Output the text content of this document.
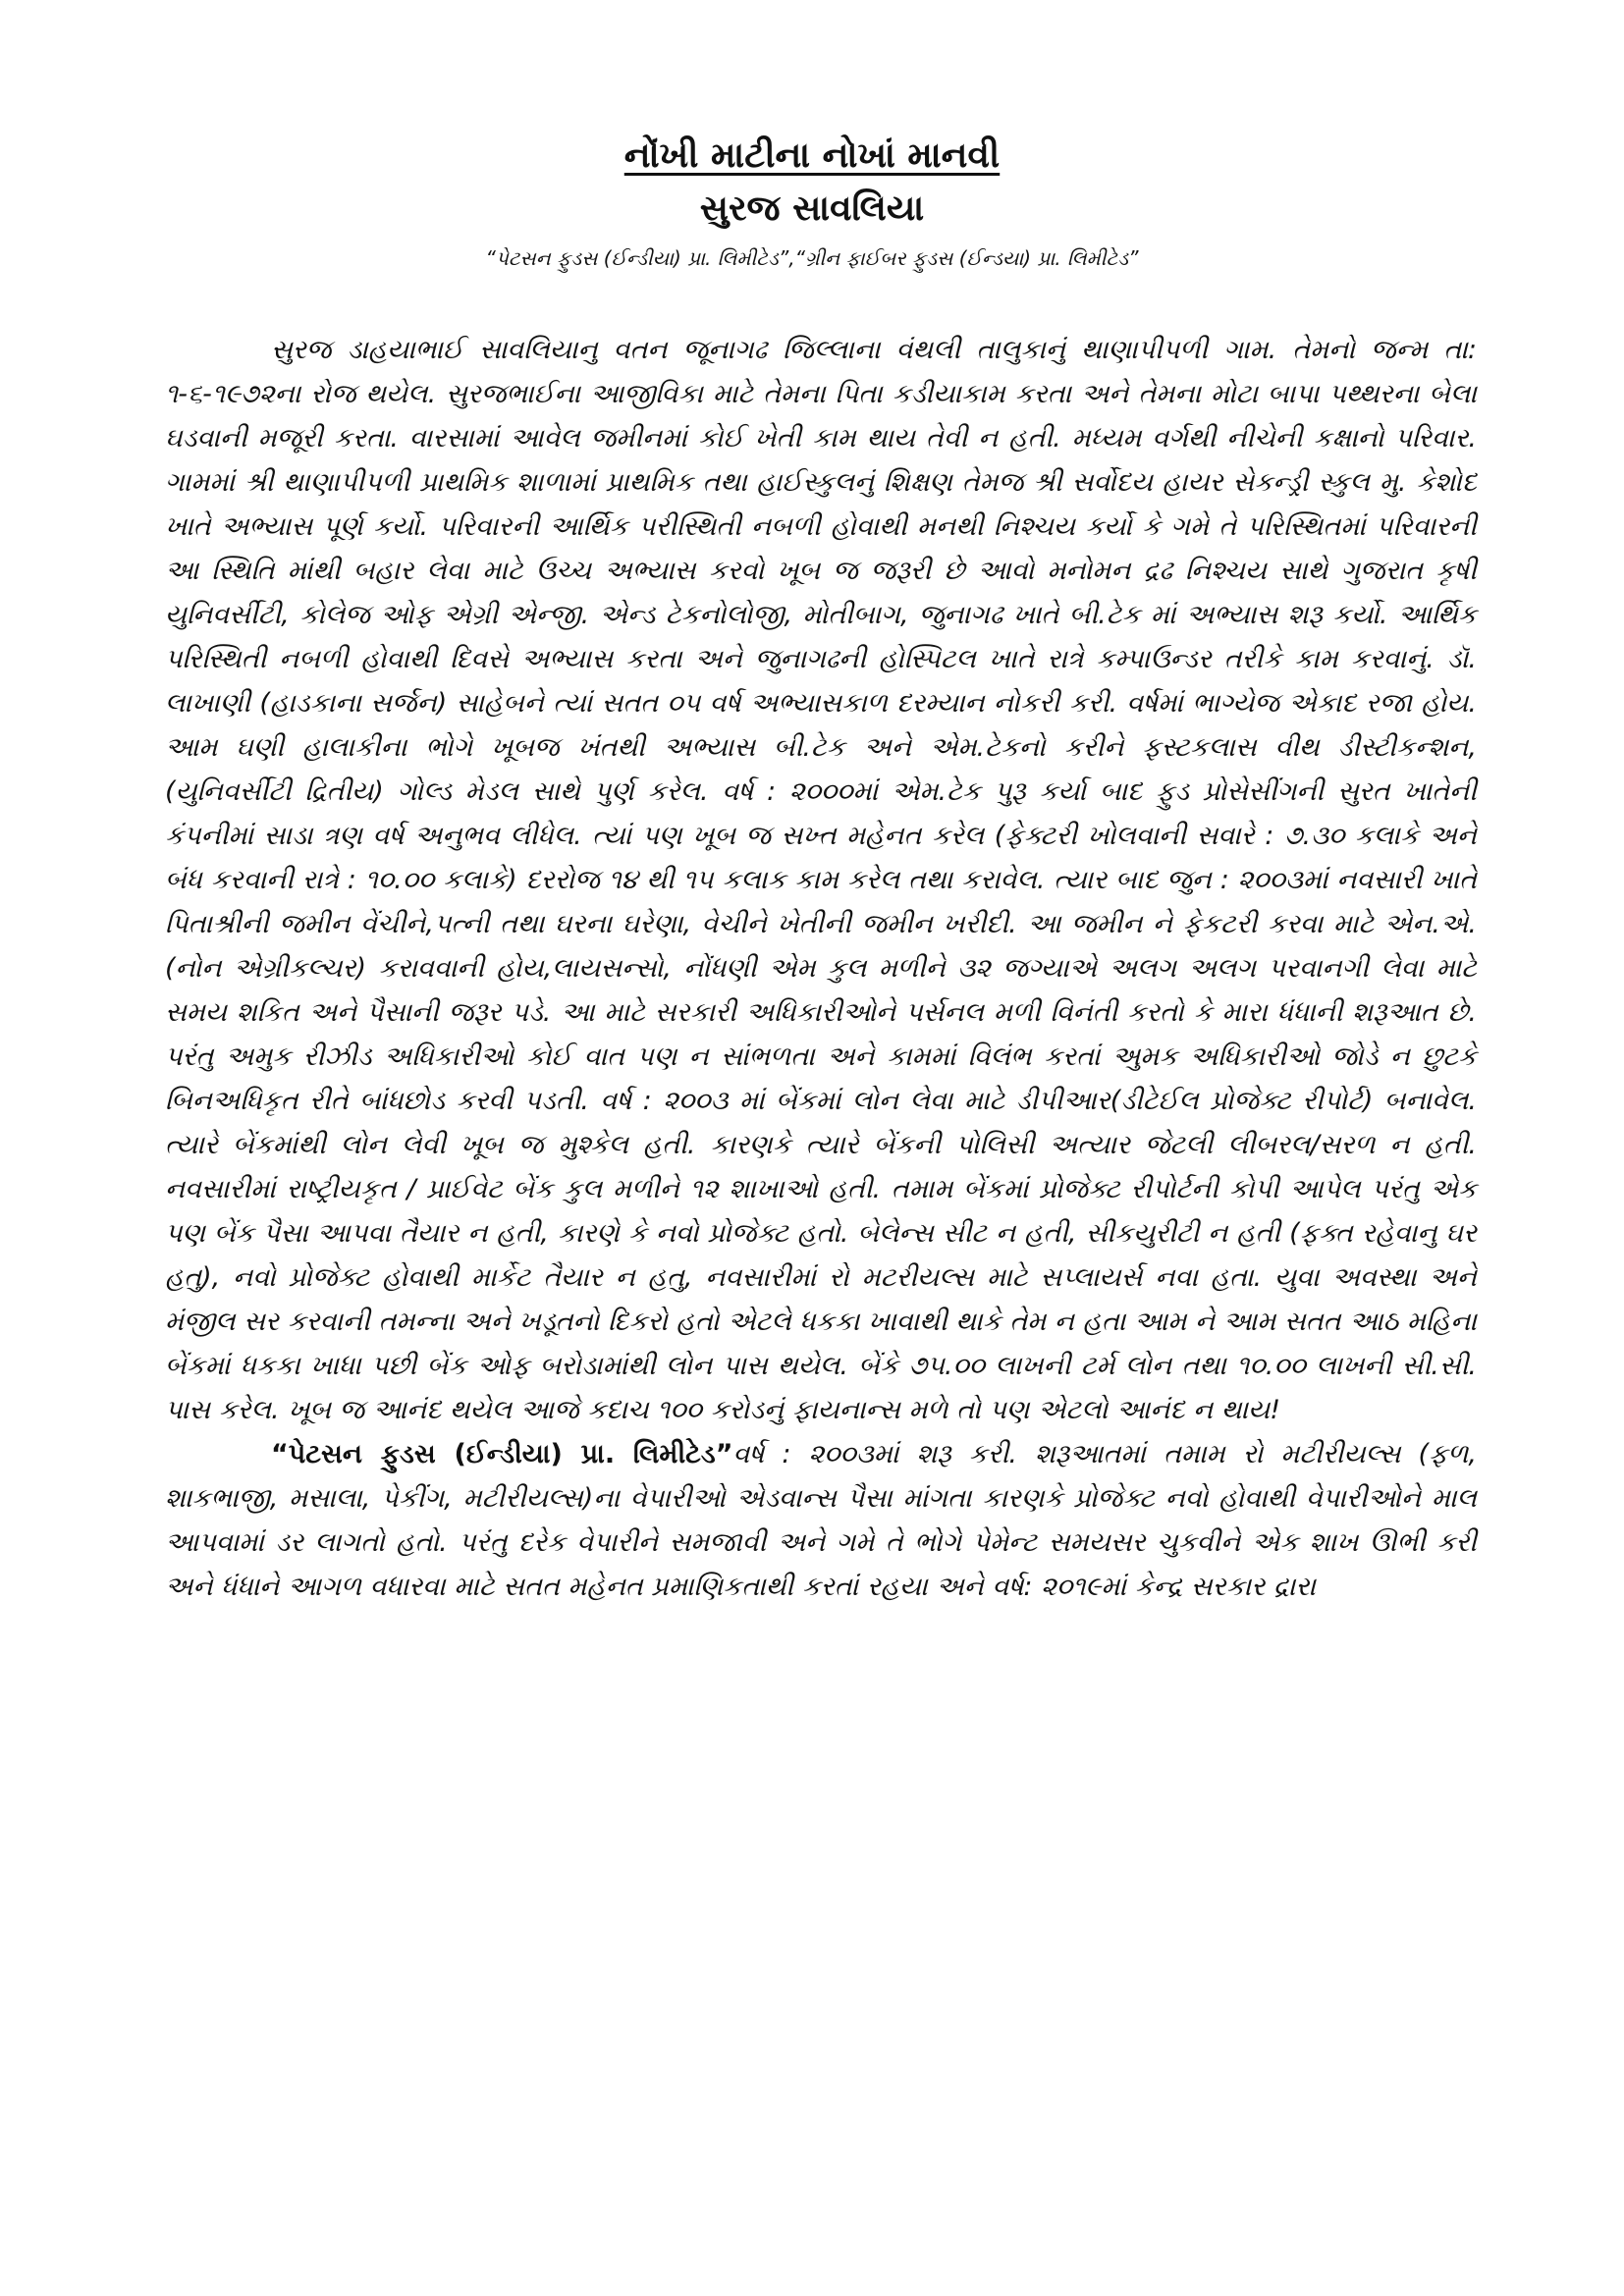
નોંખી માટીના નોખાં માનવી
સુરજ સાવલિયા
“પેટસન ફુડસ (ઈન્ડીયા) પ્રા. લિમીટેડ”,“ગ્રીન ફાઈબર ફુડસ (ઈન્ડયા) પ્રા. લિમીટેડ”

સુરજ ડાહયાભાઈ સાવલિયાનુ વતન જૂનાગઢ જિલ્લાના વંથલી તાલુકાનું થાણાપીપળી ગામ. તેમનો જન્મ તા: ૧-૬-૧૯૭૨ના રોજ થયેલ. સુરજભાઈના આજીવિકા માટે તેમના પિતા કડીયાકામ કરતા અને તેમના મોટા બાપા પથ્થરના બેલા ઘડવાની મજૂરી કરતા. વારસામાં આવેલ જમીનમાં કોઈ ખેતી કામ થાય તેવી ન હતી. મધ્યમ વર્ગથી નીચેની કક્ષાનો પરિવાર. ગામમાં શ્રી થાણાપીપળી પ્રાથમિક શાળામાં પ્રાથમિક તથા હાઈસ્કુલનું શિક્ષણ તેમજ શ્રી સર્વોદય હાયર સેકન્ડ્રી સ્કુલ મુ. કેશોદ ખાતે અભ્યાસ પૂર્ણ કર્યો. પરિવારની આર્થિક પરીસ્થિતી નબળી હોવાથી મનથી નિશ્ચય કર્યો કે ગમે તે પરિસ્થિતમાં પરિવારની આ સ્થિતિ માંથી બહાર લેવા માટે ઉચ્ચ અભ્યાસ કરવો ખૂબ જ જરૂરી છે આવો મનોમન દ્રઢ નિશ્ચય સાથે ગુજરાત કૃષી યુનિવર્સીટી, કોલેજ ઓફ એગ્રી એન્જી. એન્ડ ટેકનોલોજી, મોતીબાગ, જુનાગઢ ખાતે બી.ટેક માં અભ્યાસ શરૂ કર્યો. આર્થિક પરિસ્થિતી નબળી હોવાથી દિવસે અભ્યાસ કરતા અને જુનાગઢની હોસ્પિટલ ખાતે રાત્રે કમ્પાઉન્ડર તરીકે કામ કરવાનું. ડૉ. લાખાણી (હાડકાના સર્જન) સાહેબને ત્યાં સતત ૦૫ વર્ષ અભ્યાસકાળ દરમ્યાન નોકરી કરી. વર્ષમાં ભાગ્યેજ એકાદ રજા હોય. આમ ઘણી હાલાકીના ભોગે ખૂબજ ખંતથી અભ્યાસ બી.ટેક અને એમ.ટેકનો કરીને ફસ્ટકલાસ વીથ ડીસ્ટીકન્શન, (યુનિવર્સીટી દ્રિતીય) ગોલ્ડ મેડલ સાથે પુર્ણ કરેલ. વર્ષ : ૨૦૦૦માં એમ.ટેક પુરૂ કર્યા બાદ ફુડ પ્રોસેસીંગની સુરત ખાતેની કંપનીમાં સાડા ત્રણ વર્ષ અનુભવ લીધેલ. ત્યાં પણ ખૂબ જ સખ્ત મહેનત કરેલ (ફેક્ટરી ખોલવાની સવારે : ૭.૩૦ કલાકે અને બંધ કરવાની રાત્રે : ૧૦.૦૦ કલાકે) દરરોજ ૧૪ થી ૧૫ કલાક કામ કરેલ તથા કરાવેલ. ત્યાર બાદ જુન : ૨૦૦૩માં નવસારી ખાતે પિતાશ્રીની જમીન વેંચીને,પત્ની તથા ઘરના ઘરેણા, વેચીને ખેતીની જમીન ખરીદી. આ જમીન ને ફેકટરી કરવા માટે એન.એ. (નોન એગ્રીકલ્ચર) કરાવવાની હોય,લાયસન્સો, નોંધણી એમ કુલ મળીને ૩૨ જગ્યાએ અલગ અલગ પરવાનગી લેવા માટે સમય શકિત અને પૈસાની જરૂર પડે. આ માટે સરકારી અધિકારીઓને પર્સનલ મળી વિનંતી કરતો કે મારા ધંધાની શરૂઆત છે. પરંતુ અમુક રીઝીડ અધિકારીઓ કોઈ વાત પણ ન સાંભળતા અને કામમાં વિલંભ કરતાં અુમક અધિકારીઓ જોડે ન છુટકે બિનઅધિકૃત રીતે બાંધછોડ કરવી પડતી. વર્ષ : ૨૦૦૩ માં બેંકમાં લોન લેવા માટે ડીપીઆર(ડીટેઈલ પ્રોજેક્ટ રીપોર્ટ) બનાવેલ. ત્યારે બેંકમાંથી લોન લેવી ખૂબ જ મુશ્કેલ હતી. કારણકે ત્યારે બેંકની પોલિસી અત્યાર જેટલી લીબરલ/સરળ ન હતી. નવસારીમાં રાષ્ટ્રીયકૃત / પ્રાઈવેટ બેંક કુલ મળીને ૧૨ શાખાઓ હતી. તમામ બેંકમાં પ્રોજેક્ટ રીપોર્ટની કોપી આપેલ પરંતુ એક પણ બેંક પૈસા આપવા તૈયાર ન હતી, કારણે કે નવો પ્રોજેક્ટ હતો. બેલેન્સ સીટ ન હતી, સીકયુરીટી ન હતી (ફક્ત રહેવાનુ ઘર હતુ), નવો પ્રોજેક્ટ હોવાથી માર્કેટ તૈયાર ન હતુ, નવસારીમાં રો મટરીયલ્સ માટે સપ્લાયર્સ નવા હતા. યુવા અવસ્થા અને મંજીલ સર કરવાની તમન્ના અને ખડૂતનો દિકરો હતો એટલે ધકકા ખાવાથી થાકે તેમ ન હતા આમ ને આમ સતત આઠ મહિના બેંકમાં ધકકા ખાધા પછી બેંક ઓફ બરોડામાંથી લોન પાસ થયેલ. બેંકે ૭૫.૦૦ લાખની ટર્મ લોન તથા ૧૦.૦૦ લાખની સી.સી. પાસ કરેલ. ખૂબ જ આનંદ થયેલ આજે કદાચ ૧૦૦ કરોડનું ફાયનાન્સ મળે તો પણ એટલો આનંદ ન થાય!

“પેટસન ફુડસ (ઈન્ડીયા) પ્રા. લિમીટેડ”વર્ષ : ૨૦૦૩માં શરૂ કરી. શરૂઆતમાં તમામ રો મટીરીયલ્સ (ફળ, શાકભાજી, મસાલા, પેકીંગ, મટીરીયલ્સ)ના વેપારીઓ એડવાન્સ પૈસા માંગતા કારણકે પ્રોજેક્ટ નવો હોવાથી વેપારીઓને માલ આપવામાં ડર લાગતો હતો. પરંતુ દરેક વેપારીને સમજાવી અને ગમે તે ભોગે પેમેન્ટ સમયસર ચુકવીને એક શાખ ઊભી કરી અને ધંધાને આગળ વધારવા માટે સતત મહેનત પ્રમાણિકતાથી કરતાં રહયા અને વર્ષ: ૨૦૧૯માં કેન્દ્ર સરકાર દ્રારા
